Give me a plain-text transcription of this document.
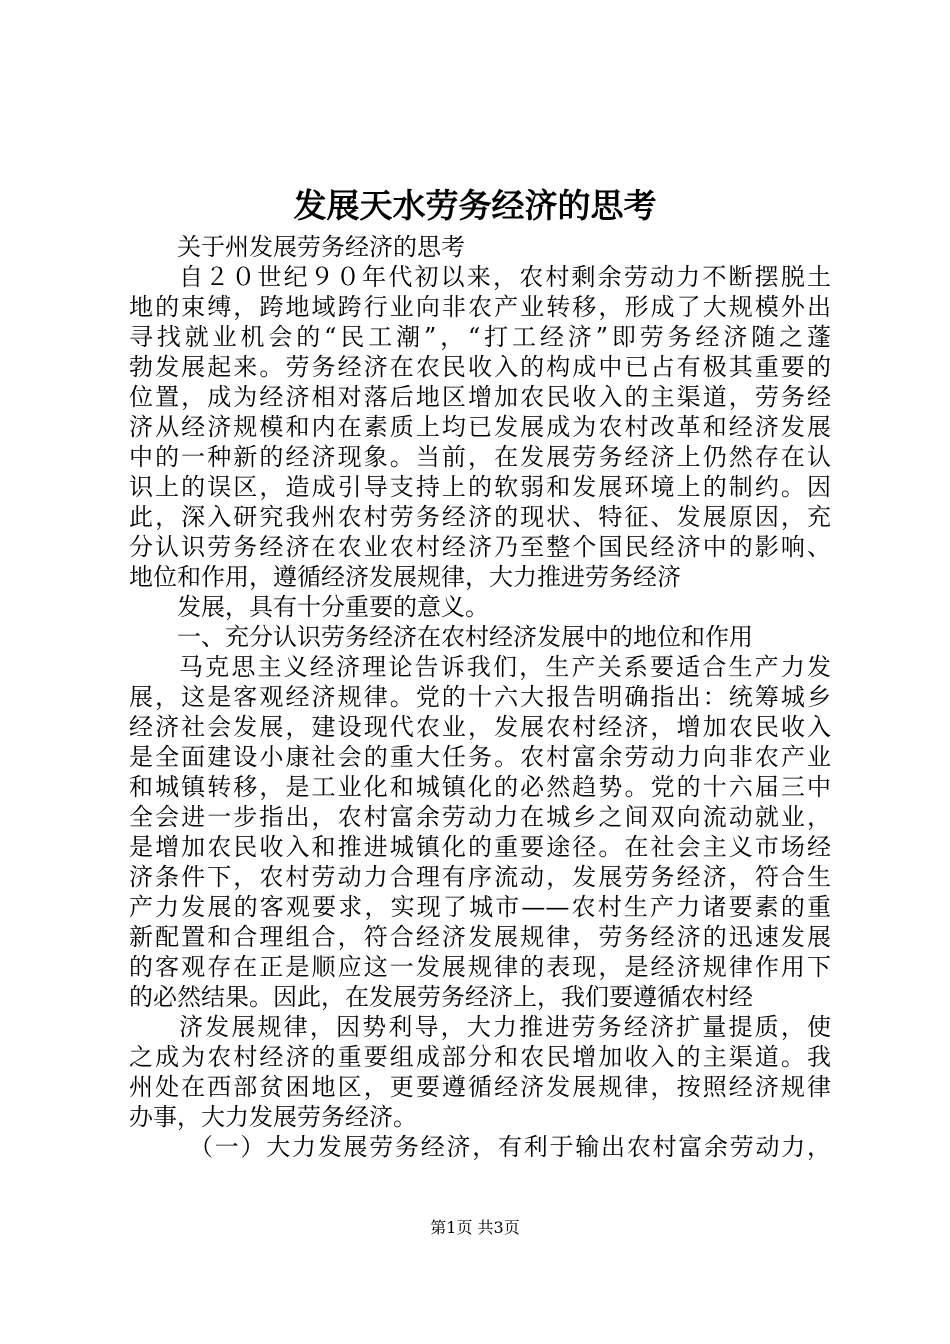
发展天水劳务经济的思考
关于州发展劳务经济的思考
自２０世纪９０年代初以来，农村剩余劳动力不断摆脱土
地的束缚，跨地域跨行业向非农产业转移，形成了大规模外出
寻找就业机会的“民工潮”，“打工经济”即劳务经济随之蓬
勃发展起来。劳务经济在农民收入的构成中已占有极其重要的
位置，成为经济相对落后地区增加农民收入的主渠道，劳务经
济从经济规模和内在素质上均已发展成为农村改革和经济发展
中的一种新的经济现象。当前，在发展劳务经济上仍然存在认
识上的误区，造成引导支持上的软弱和发展环境上的制约。因
此，深入研究我州农村劳务经济的现状、特征、发展原因，充
分认识劳务经济在农业农村经济乃至整个国民经济中的影响、
地位和作用，遵循经济发展规律，大力推进劳务经济
发展，具有十分重要的意义。
一、充分认识劳务经济在农村经济发展中的地位和作用
马克思主义经济理论告诉我们，生产关系要适合生产力发
展，这是客观经济规律。党的十六大报告明确指出：统筹城乡
经济社会发展，建设现代农业，发展农村经济，增加农民收入
是全面建设小康社会的重大任务。农村富余劳动力向非农产业
和城镇转移，是工业化和城镇化的必然趋势。党的十六届三中
全会进一步指出，农村富余劳动力在城乡之间双向流动就业，
是增加农民收入和推进城镇化的重要途径。在社会主义市场经
济条件下，农村劳动力合理有序流动，发展劳务经济，符合生
产力发展的客观要求，实现了城市——农村生产力诸要素的重
新配置和合理组合，符合经济发展规律，劳务经济的迅速发展
的客观存在正是顺应这一发展规律的表现，是经济规律作用下
的必然结果。因此，在发展劳务经济上，我们要遵循农村经
济发展规律，因势利导，大力推进劳务经济扩量提质，使
之成为农村经济的重要组成部分和农民增加收入的主渠道。我
州处在西部贫困地区，更要遵循经济发展规律，按照经济规律
办事，大力发展劳务经济。
（一）大力发展劳务经济，有利于输出农村富余劳动力，
第1页 共3页
